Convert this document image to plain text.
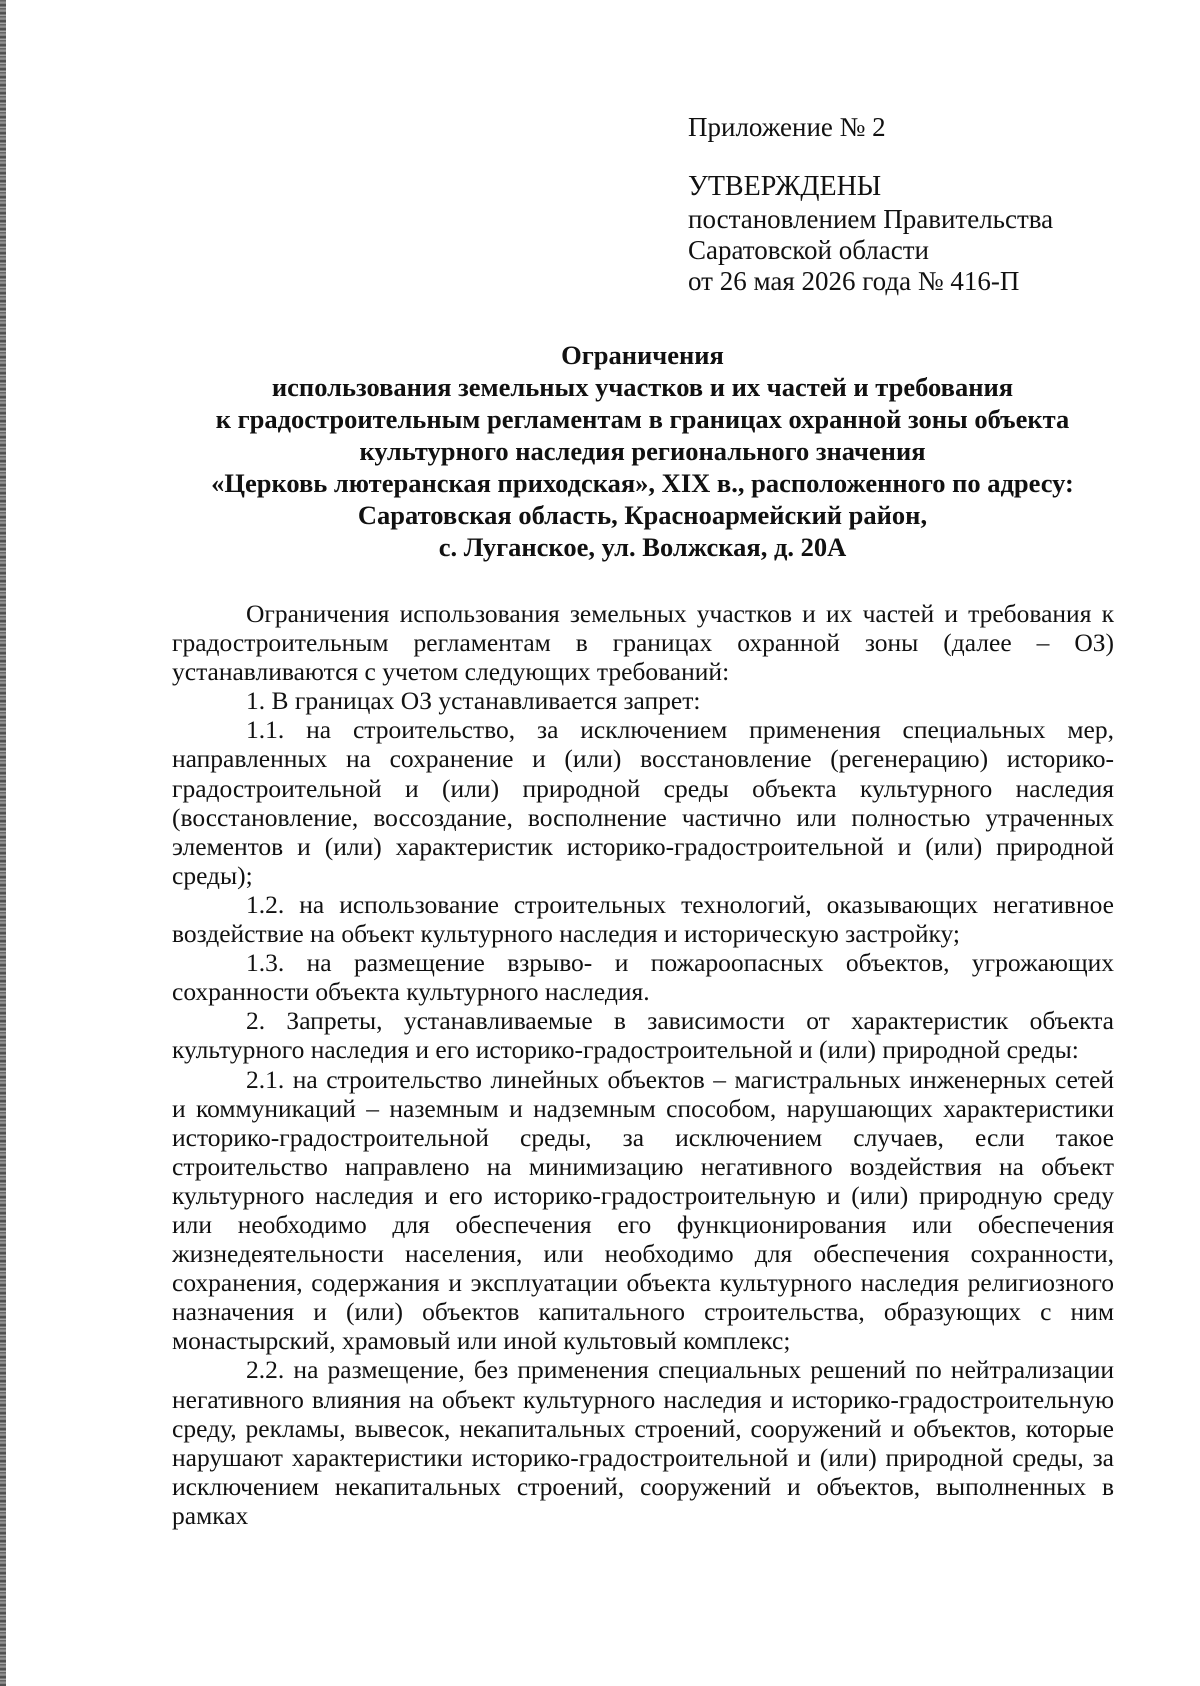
Приложение № 2
УТВЕРЖДЕНЫ
постановлением Правительства
Саратовской области
от 26 мая 2026 года № 416-П
Ограничения
использования земельных участков и их частей и требования
к градостроительным регламентам в границах охранной зоны объекта
культурного наследия регионального значения
«Церковь лютеранская приходская», XIX в., расположенного по адресу:
Саратовская область, Красноармейский район,
с. Луганское, ул. Волжская, д. 20А

Ограничения использования земельных участков и их частей и требования к градостроительным регламентам в границах охранной зоны (далее – ОЗ) устанавливаются с учетом следующих требований:

1. В границах ОЗ устанавливается запрет:

1.1. на строительство, за исключением применения специальных мер, направленных на сохранение и (или) восстановление (регенерацию) историко-градостроительной и (или) природной среды объекта культурного наследия (восстановление, воссоздание, восполнение частично или полностью утраченных элементов и (или) характеристик историко-градостроительной и (или) природной среды);

1.2. на использование строительных технологий, оказывающих негативное воздействие на объект культурного наследия и историческую застройку;

1.3. на размещение взрыво- и пожароопасных объектов, угрожающих сохранности объекта культурного наследия.

2. Запреты, устанавливаемые в зависимости от характеристик объекта культурного наследия и его историко-градостроительной и (или) природной среды:

2.1. на строительство линейных объектов – магистральных инженерных сетей и коммуникаций – наземным и надземным способом, нарушающих характеристики историко-градостроительной среды, за исключением случаев, если такое строительство направлено на минимизацию негативного воздействия на объект культурного наследия и его историко-градостроительную и (или) природную среду или необходимо для обеспечения его функционирования или обеспечения жизнедеятельности населения, или необходимо для обеспечения сохранности, сохранения, содержания и эксплуатации объекта культурного наследия религиозного назначения и (или) объектов капитального строительства, образующих с ним монастырский, храмовый или иной культовый комплекс;

2.2. на размещение, без применения специальных решений по нейтрализации негативного влияния на объект культурного наследия и историко-градостроительную среду, рекламы, вывесок, некапитальных строений, сооружений и объектов, которые нарушают характеристики историко-градостроительной и (или) природной среды, за исключением некапитальных строений, сооружений и объектов, выполненных в рамках
